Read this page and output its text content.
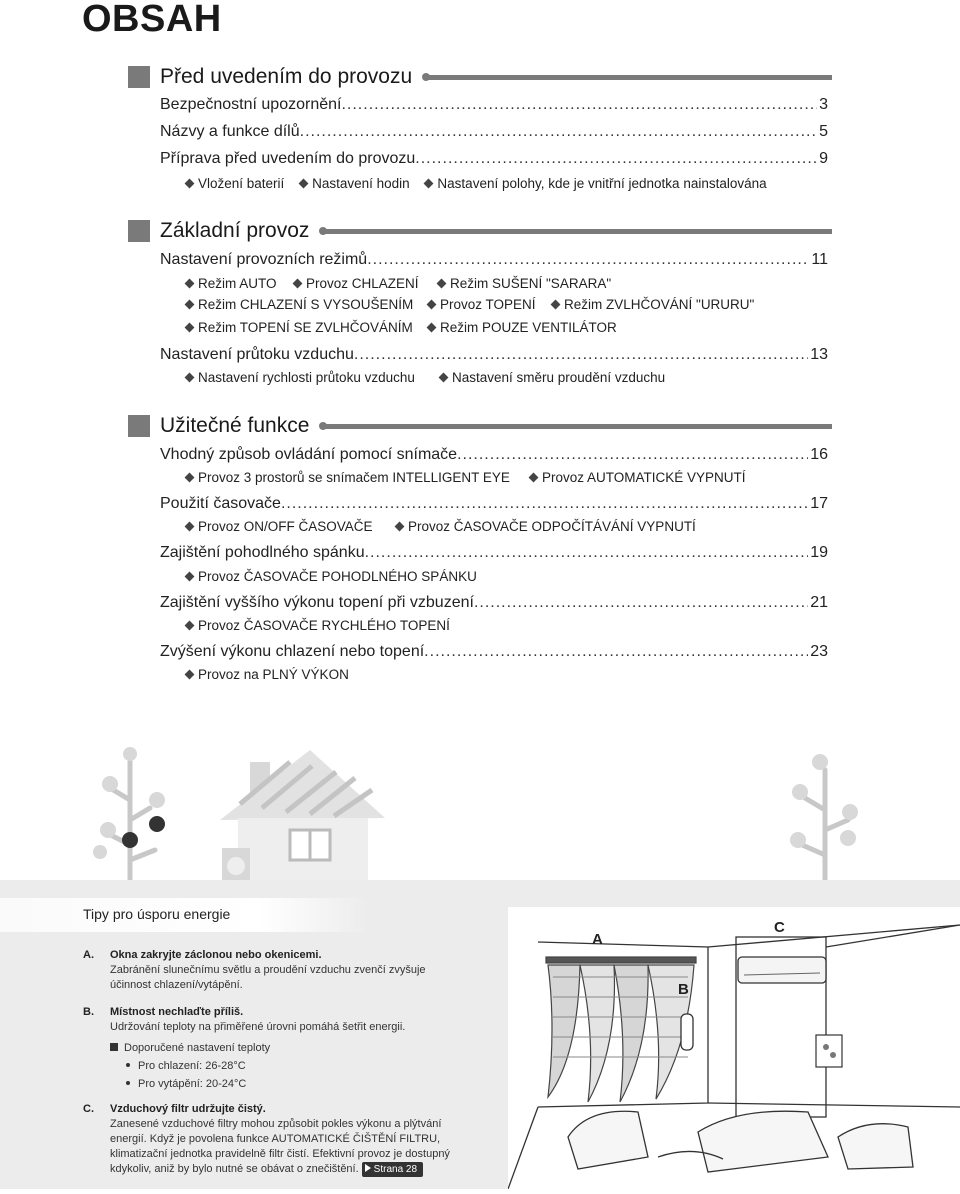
OBSAH
Před uvedením do provozu
Bezpečnostní upozornění .....	3
Názvy a funkce dílů .....	5
Příprava před uvedením do provozu .....	9
Vložení baterií Nastavení hodin Nastavení polohy, kde je vnitřní jednotka nainstalována
Základní provoz
Nastavení provozních režimů .....	11
Režim AUTO Provoz CHLAZENÍ Režim SUŠENÍ "SARARA"
Režim CHLAZENÍ S VYSOUŠENÍM Provoz TOPENÍ Režim ZVLHČOVÁNÍ "URURU"
Režim TOPENÍ SE ZVLHČOVÁNÍM Režim POUZE VENTILÁTOR
Nastavení průtoku vzduchu .....	13
Nastavení rychlosti průtoku vzduchu	Nastavení směru proudění vzduchu
Užitečné funkce
Vhodný způsob ovládání pomocí snímače .....	16
Provoz 3 prostorů se snímačem INTELLIGENT EYE Provoz AUTOMATICKÉ VYPNUTÍ
Použití časovače .....	17
Provoz ON/OFF ČASOVAČE	Provoz ČASOVAČE ODPOČÍTÁVÁNÍ VYPNUTÍ
Zajištění pohodlného spánku .....	19
Provoz ČASOVAČE POHODLNÉHO SPÁNKU
Zajištění vyššího výkonu topení při vzbuzení .....	21
Provoz ČASOVAČE RYCHLÉHO TOPENÍ
Zvýšení výkonu chlazení nebo topení .....	23
Provoz na PLNÝ VÝKON
Tipy pro úsporu energie
A. Okna zakryjte záclonou nebo okenicemi.
Zabránění slunečnímu světlu a proudění vzduchu zvenčí zvyšuje
účinnost chlazení/vytápění.
B. Místnost nechlaďte příliš.
Udržování teploty na přiměřené úrovni pomáhá šetřit energii.
Doporučené nastavení teploty
Pro chlazení: 26-28°C
Pro vytápění: 20-24°C
C. Vzduchový filtr udržujte čistý.
Zanesené vzduchové filtry mohou způsobit pokles výkonu a plýtvání
energií. Když je povolena funkce AUTOMATICKÉ ČIŠTĚNÍ FILTRU,
klimatizační jednotka pravidelně filtr čistí. Efektivní provoz je dostupný
kdykoliv, aniž by bylo nutné se obávat o znečištění. Strana 28
A
B
C
